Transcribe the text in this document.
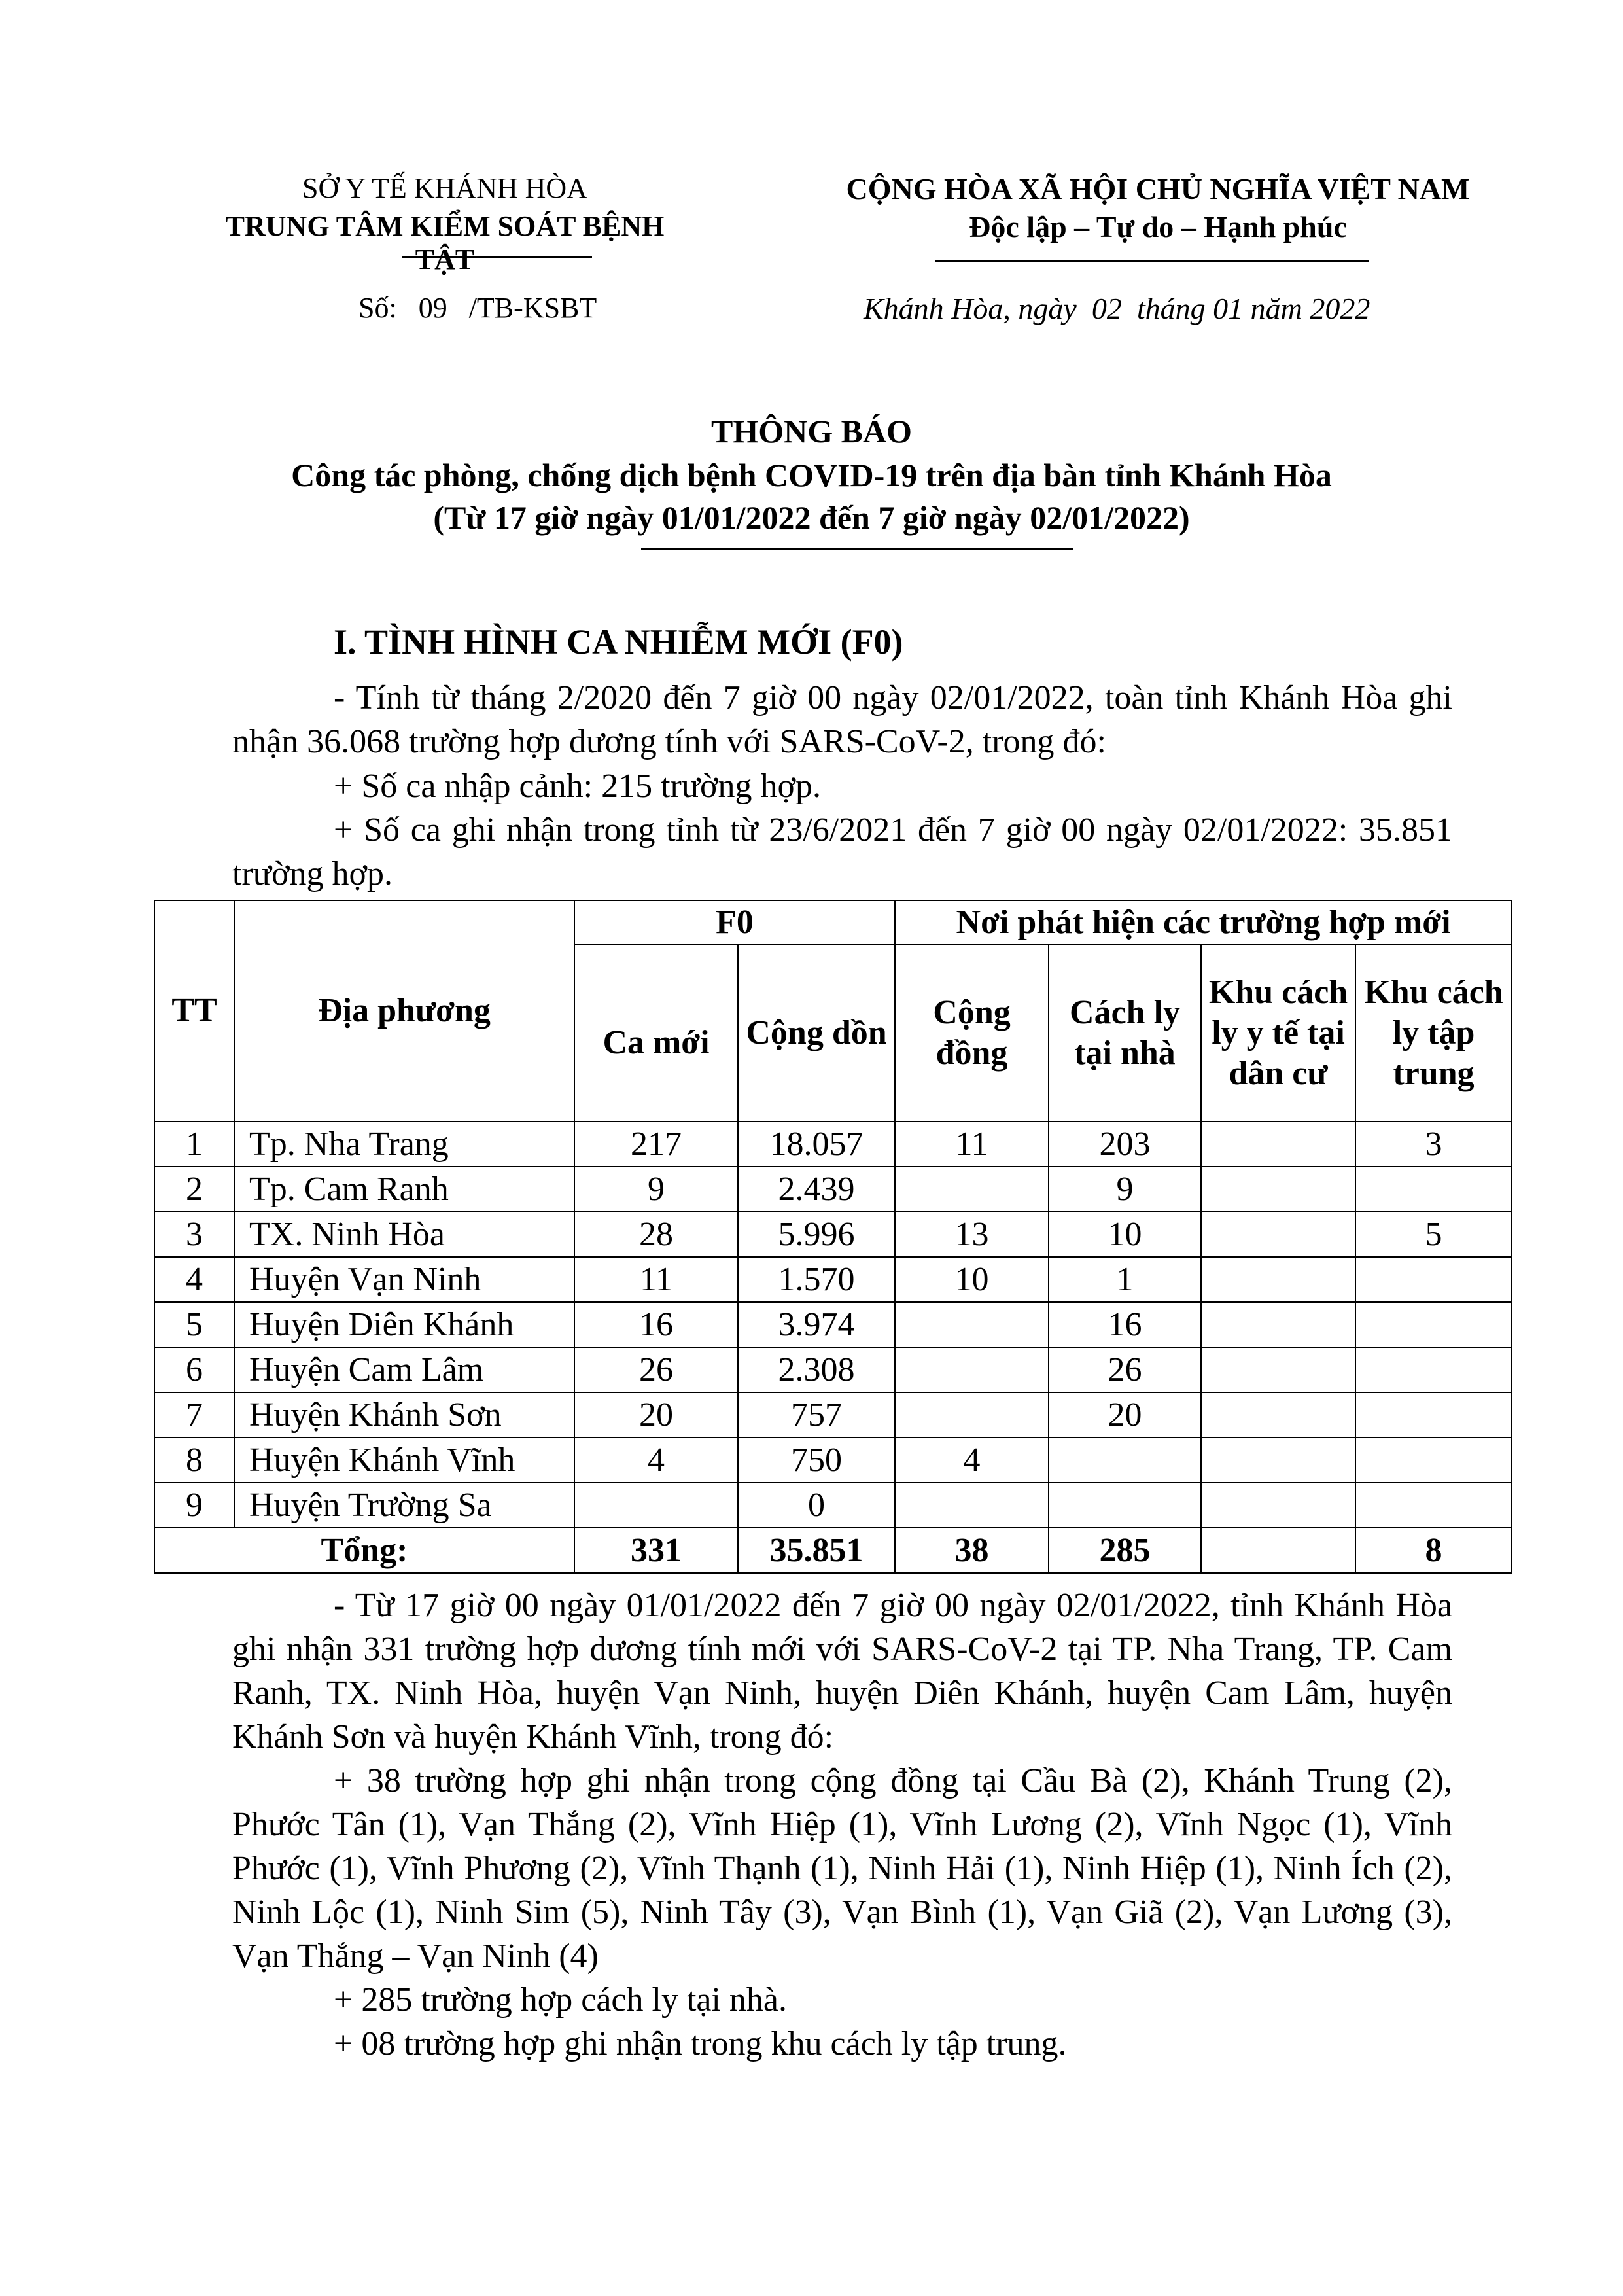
SỞ Y TẾ KHÁNH HÒA
TRUNG TÂM KIỂM SOÁT BỆNH TẬT
CỘNG HÒA XÃ HỘI CHỦ NGHĨA VIỆT NAM
Độc lập – Tự do – Hạnh phúc
Số:   09   /TB-KSBT	Khánh Hòa, ngày  02  tháng 01 năm 2022
THÔNG BÁO
Công tác phòng, chống dịch bệnh COVID-19 trên địa bàn tỉnh Khánh Hòa
(Từ 17 giờ ngày 01/01/2022 đến 7 giờ ngày 02/01/2022)
I. TÌNH HÌNH CA NHIỄM MỚI (F0)
- Tính từ tháng 2/2020 đến 7 giờ 00 ngày 02/01/2022, toàn tỉnh Khánh Hòa ghi nhận 36.068 trường hợp dương tính với SARS-CoV-2, trong đó:
+ Số ca nhập cảnh: 215 trường hợp.
+ Số ca ghi nhận trong tỉnh từ 23/6/2021 đến 7 giờ 00 ngày 02/01/2022: 35.851 trường hợp.
TT	Địa phương	F0		Nơi phát hiện các trường hợp mới			
		Ca mới	Cộng dồn	Cộng đồng	Cách ly tại nhà	Khu cách ly y tế tại dân cư	Khu cách ly tập trung
1	Tp. Nha Trang	217	18.057	11	203		3
2	Tp. Cam Ranh	9	2.439		9		
3	TX. Ninh Hòa	28	5.996	13	10		5
4	Huyện Vạn Ninh	11	1.570	10	1		
5	Huyện Diên Khánh	16	3.974		16		
6	Huyện Cam Lâm	26	2.308		26		
7	Huyện Khánh Sơn	20	757		20		
8	Huyện Khánh Vĩnh	4	750	4			
9	Huyện Trường Sa		0				
Tổng:		331	35.851	38	285		8
- Từ 17 giờ 00 ngày 01/01/2022 đến 7 giờ 00 ngày 02/01/2022, tỉnh Khánh Hòa ghi nhận 331 trường hợp dương tính mới với SARS-CoV-2 tại TP. Nha Trang, TP. Cam Ranh, TX. Ninh Hòa, huyện Vạn Ninh, huyện Diên Khánh, huyện Cam Lâm, huyện Khánh Sơn và huyện Khánh Vĩnh, trong đó:
+ 38 trường hợp ghi nhận trong cộng đồng tại Cầu Bà (2), Khánh Trung (2), Phước Tân (1), Vạn Thắng (2), Vĩnh Hiệp (1), Vĩnh Lương (2), Vĩnh Ngọc (1), Vĩnh Phước (1), Vĩnh Phương (2), Vĩnh Thạnh (1), Ninh Hải (1), Ninh Hiệp (1), Ninh Ích (2), Ninh Lộc (1), Ninh Sim (5), Ninh Tây (3), Vạn Bình (1), Vạn Giã (2), Vạn Lương (3), Vạn Thắng – Vạn Ninh (4)
+ 285 trường hợp cách ly tại nhà.
+ 08 trường hợp ghi nhận trong khu cách ly tập trung.
